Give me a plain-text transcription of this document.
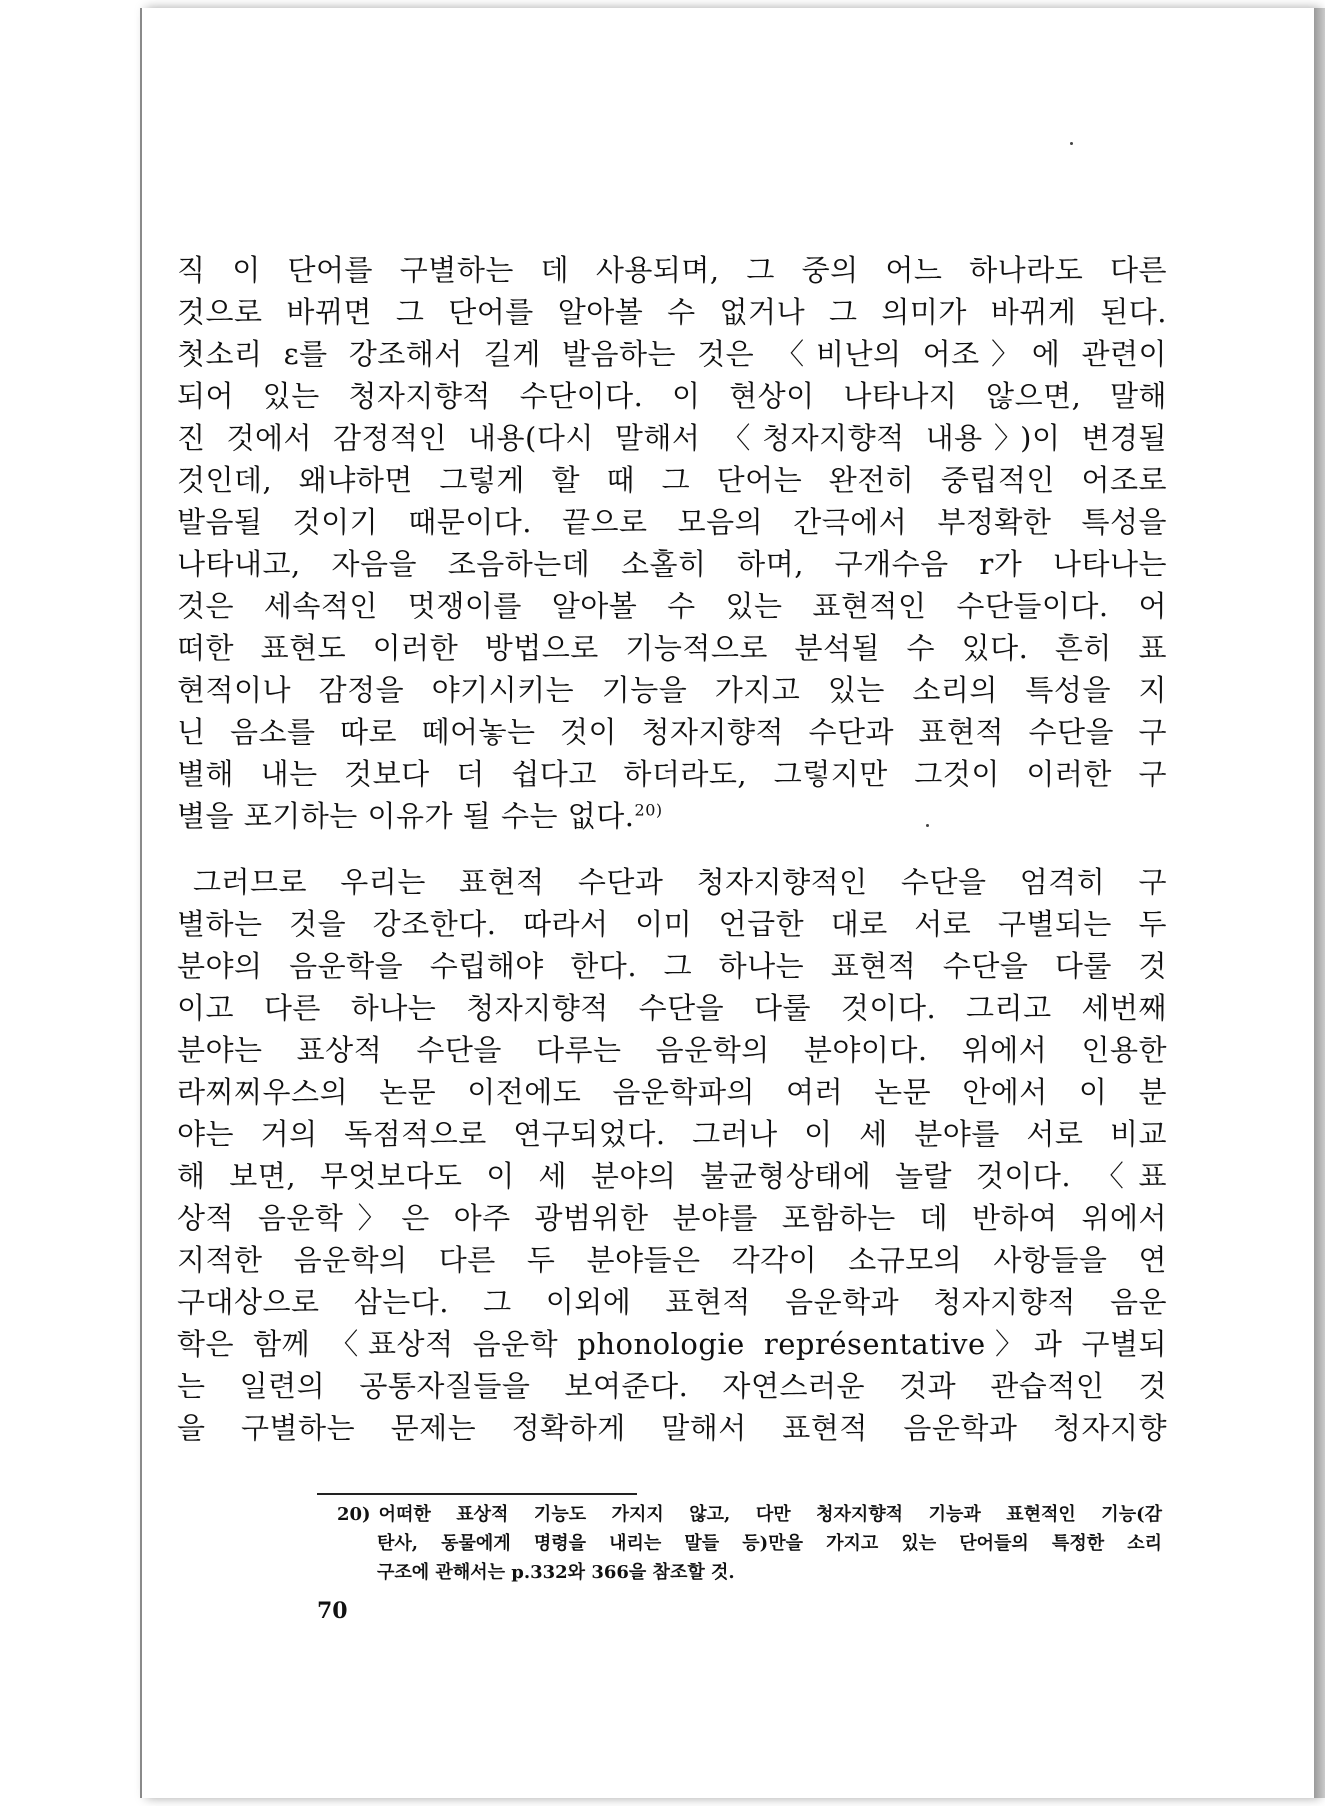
직 이 단어를 구별하는 데 사용되며, 그 중의 어느 하나라도 다른
것으로 바뀌면 그 단어를 알아볼 수 없거나 그 의미가 바뀌게 된다.
첫소리 ε를 강조해서 길게 발음하는 것은 〈비난의 어조〉에 관련이
되어 있는 청자지향적 수단이다. 이 현상이 나타나지 않으면, 말해
진 것에서 감정적인 내용(다시 말해서 〈청자지향적 내용〉)이 변경될
것인데, 왜냐하면 그렇게 할 때 그 단어는 완전히 중립적인 어조로
발음될 것이기 때문이다. 끝으로 모음의 간극에서 부정확한 특성을
나타내고, 자음을 조음하는데 소홀히 하며, 구개수음 r가 나타나는
것은 세속적인 멋쟁이를 알아볼 수 있는 표현적인 수단들이다. 어
떠한 표현도 이러한 방법으로 기능적으로 분석될 수 있다. 흔히 표
현적이나 감정을 야기시키는 기능을 가지고 있는 소리의 특성을 지
닌 음소를 따로 떼어놓는 것이 청자지향적 수단과 표현적 수단을 구
별해 내는 것보다 더 쉽다고 하더라도, 그렇지만 그것이 이러한 구
별을 포기하는 이유가 될 수는 없다.$^{20)}$
그러므로 우리는 표현적 수단과 청자지향적인 수단을 엄격히 구
별하는 것을 강조한다. 따라서 이미 언급한 대로 서로 구별되는 두
분야의 음운학을 수립해야 한다. 그 하나는 표현적 수단을 다룰 것
이고 다른 하나는 청자지향적 수단을 다룰 것이다. 그리고 세번째
분야는 표상적 수단을 다루는 음운학의 분야이다. 위에서 인용한
라찌찌우스의 논문 이전에도 음운학파의 여러 논문 안에서 이 분
야는 거의 독점적으로 연구되었다. 그러나 이 세 분야를 서로 비교
해 보면, 무엇보다도 이 세 분야의 불균형상태에 놀랄 것이다. 〈표
상적 음운학〉은 아주 광범위한 분야를 포함하는 데 반하여 위에서
지적한 음운학의 다른 두 분야들은 각각이 소규모의 사항들을 연
구대상으로 삼는다. 그 이외에 표현적 음운학과 청자지향적 음운
학은 함께 〈표상적 음운학 phonologie représentative〉과 구별되
는 일련의 공통자질들을 보여준다. 자연스러운 것과 관습적인 것
을 구별하는 문제는 정확하게 말해서 표현적 음운학과 청자지향
20) 어떠한 표상적 기능도 가지지 않고, 다만 청자지향적 기능과 표현적인 기능(감
탄사, 동물에게 명령을 내리는 말들 등)만을 가지고 있는 단어들의 특정한 소리
구조에 관해서는 p.332와 366을 참조할 것.
70
